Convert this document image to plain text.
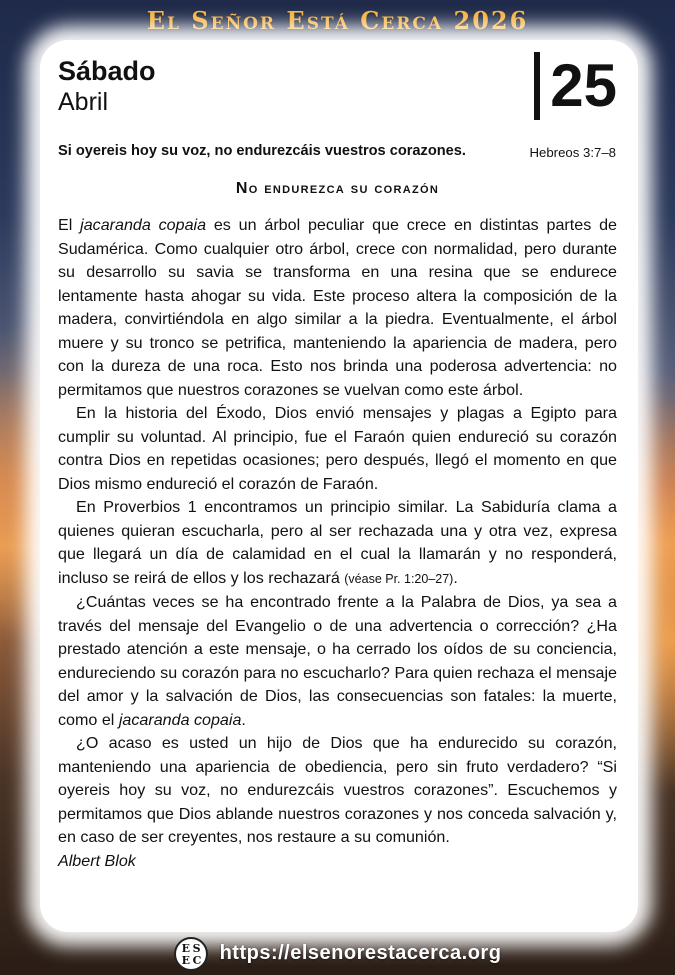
El Señor Está Cerca 2026
Sábado
Abril	25
Si oyereis hoy su voz, no endurezcáis vuestros corazones.	Hebreos 3:7–8
No endurezca su corazón

El jacaranda copaia es un árbol peculiar que crece en distintas partes de Sudamérica. Como cualquier otro árbol, crece con normalidad, pero durante su desarrollo su savia se transforma en una resina que se endurece lentamente hasta ahogar su vida. Este proceso altera la composición de la madera, convirtiéndola en algo similar a la piedra. Eventualmente, el árbol muere y su tronco se petrifica, manteniendo la apariencia de madera, pero con la dureza de una roca. Esto nos brinda una poderosa advertencia: no permitamos que nuestros corazones se vuelvan como este árbol.

En la historia del Éxodo, Dios envió mensajes y plagas a Egipto para cumplir su voluntad. Al principio, fue el Faraón quien endureció su corazón contra Dios en repetidas ocasiones; pero después, llegó el momento en que Dios mismo endureció el corazón de Faraón.

En Proverbios 1 encontramos un principio similar. La Sabiduría clama a quienes quieran escucharla, pero al ser rechazada una y otra vez, expresa que llegará un día de calamidad en el cual la llamarán y no responderá, incluso se reirá de ellos y los rechazará (véase Pr. 1:20–27).

¿Cuántas veces se ha encontrado frente a la Palabra de Dios, ya sea a través del mensaje del Evangelio o de una advertencia o corrección? ¿Ha prestado atención a este mensaje, o ha cerrado los oídos de su conciencia, endureciendo su corazón para no escucharlo? Para quien rechaza el mensaje del amor y la salvación de Dios, las consecuencias son fatales: la muerte, como el jacaranda copaia.

¿O acaso es usted un hijo de Dios que ha endurecido su corazón, manteniendo una apariencia de obediencia, pero sin fruto verdadero? “Si oyereis hoy su voz, no endurezcáis vuestros corazones”. Escuchemos y permitamos que Dios ablande nuestros corazones y nos conceda salvación y, en caso de ser creyentes, nos restaure a su comunión.

Albert Blok

E S
E C https://elsenorestacerca.org
